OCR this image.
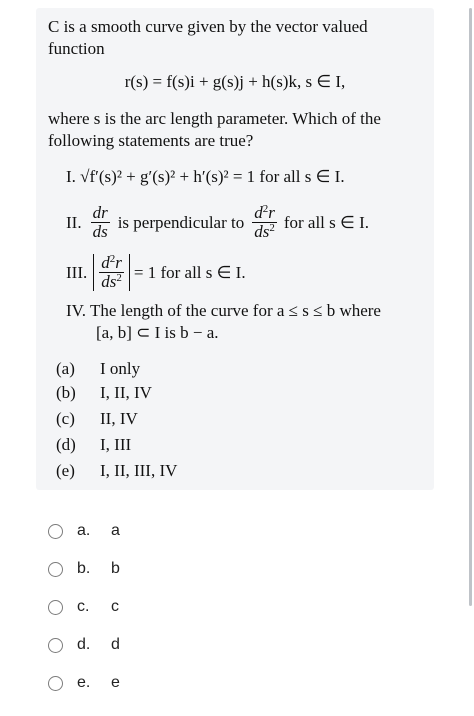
C is a smooth curve given by the vector valued
function
r(s) = f(s)i + g(s)j + h(s)k, s ∈ I,
where s is the arc length parameter. Which of the
following statements are true?
I. √f′(s)² + g′(s)² + h′(s)² = 1 for all s ∈ I.
II. $\frac{dr}{ds}$ is perpendicular to $\frac{d^2r}{ds^2}$ for all s ∈ I.
III. $\frac{d^2r}{ds^2} = 1$ for all s ∈ I.
IV. The length of the curve for a ≤ s ≤ b where
[a, b] ⊂ I is b − a.
(a) I only
(b) I, II, IV
(c) II, IV
(d) I, III
(e) I, II, III, IV
a.	a
b.	b
c.	c
d.	d
e.	e
